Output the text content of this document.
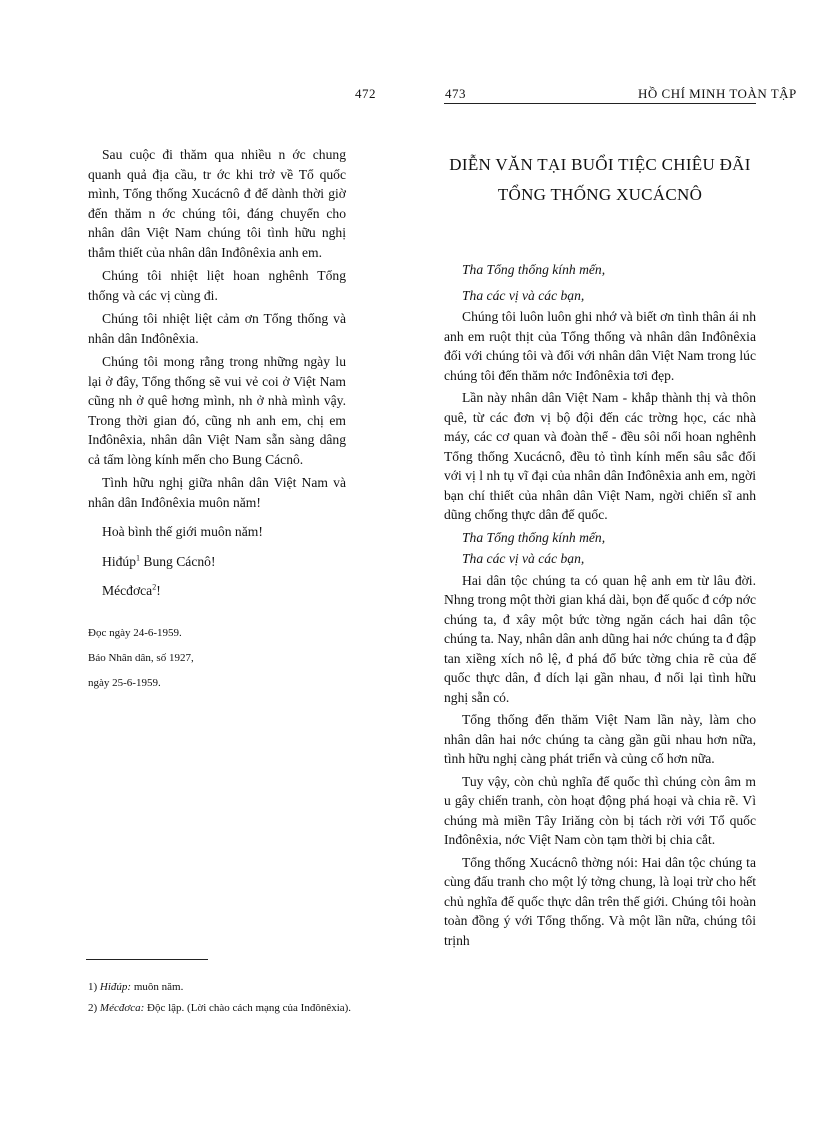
472

Sau cuộc đi thăm qua nhiều n ớc chung quanh quả địa cầu, tr ớc khi trở về Tổ quốc mình, Tổng thống Xucácnô đ để dành thời giờ đến thăm n ớc chúng tôi, đáng chuyển cho nhân dân Việt Nam chúng tôi tình hữu nghị thắm thiết của nhân dân Inđônêxia anh em.

Chúng tôi nhiệt liệt hoan nghênh Tổng thống và các vị cùng đi.

Chúng tôi nhiệt liệt cảm ơn Tổng thống và nhân dân Inđônêxia.

Chúng tôi mong rằng trong những ngày lu lại ở đây, Tổng thống sẽ vui vẻ coi ở Việt Nam cũng nh ở quê hơng mình, nh ở nhà mình vậy. Trong thời gian đó, cũng nh anh em, chị em Inđônêxia, nhân dân Việt Nam sẵn sàng dâng cả tấm lòng kính mến cho Bung Cácnô.

Tình hữu nghị giữa nhân dân Việt Nam và nhân dân Inđônêxia muôn năm!

Hoà bình thế giới muôn năm!

Hiđúp$^1$ Bung Cácnô!

Mécđơca$^2$!

Đọc ngày 24-6-1959.
Báo Nhân dân, số 1927,
ngày 25-6-1959.
1) Hiđúp: muôn năm.
2) Mécđơca: Độc lập. (Lời chào cách mạng của Inđônêxia).
473	HỒ CHÍ MINH TOÀN TẬP
DIỄN VĂN TẠI BUỔI TIỆC CHIÊU ĐÃI
TỔNG THỐNG XUCÁCNÔ

Tha Tổng thống kính mến,

Tha các vị và các bạn,

Chúng tôi luôn luôn ghi nhớ và biết ơn tình thân ái nh anh em ruột thịt của Tổng thống và nhân dân Inđônêxia đối với chúng tôi và đối với nhân dân Việt Nam trong lúc chúng tôi đến thăm nớc Inđônêxia tơi đẹp.

Lần này nhân dân Việt Nam - khắp thành thị và thôn quê, từ các đơn vị bộ đội đến các trờng học, các nhà máy, các cơ quan và đoàn thể - đều sôi nổi hoan nghênh Tổng thống Xucácnô, đều tỏ tình kính mến sâu sắc đối với vị l nh tụ vĩ đại của nhân dân Inđônêxia anh em, ngời bạn chí thiết của nhân dân Việt Nam, ngời chiến sĩ anh dũng chống thực dân đế quốc.

Tha Tổng thống kính mến,

Tha các vị và các bạn,

Hai dân tộc chúng ta có quan hệ anh em từ lâu đời. Nhng trong một thời gian khá dài, bọn đế quốc đ cớp nớc chúng ta, đ xây một bức tờng ngăn cách hai dân tộc chúng ta. Nay, nhân dân anh dũng hai nớc chúng ta đ đập tan xiềng xích nô lệ, đ phá đổ bức tờng chia rẽ của đế quốc thực dân, đ dích lại gần nhau, đ nối lại tình hữu nghị sẵn có.

Tổng thống đến thăm Việt Nam lần này, làm cho nhân dân hai nớc chúng ta càng gần gũi nhau hơn nữa, tình hữu nghị càng phát triển và củng cố hơn nữa.

Tuy vậy, còn chủ nghĩa đế quốc thì chúng còn âm m u gây chiến tranh, còn hoạt động phá hoại và chia rẽ. Vì chúng mà miền Tây Iriăng còn bị tách rời với Tổ quốc Inđônêxia, nớc Việt Nam còn tạm thời bị chia cắt.

Tổng thống Xucácnô thờng nói: Hai dân tộc chúng ta cùng đấu tranh cho một lý tởng chung, là loại trừ cho hết chủ nghĩa đế quốc thực dân trên thế giới. Chúng tôi hoàn toàn đồng ý với Tổng thống. Và một lần nữa, chúng tôi trịnh
